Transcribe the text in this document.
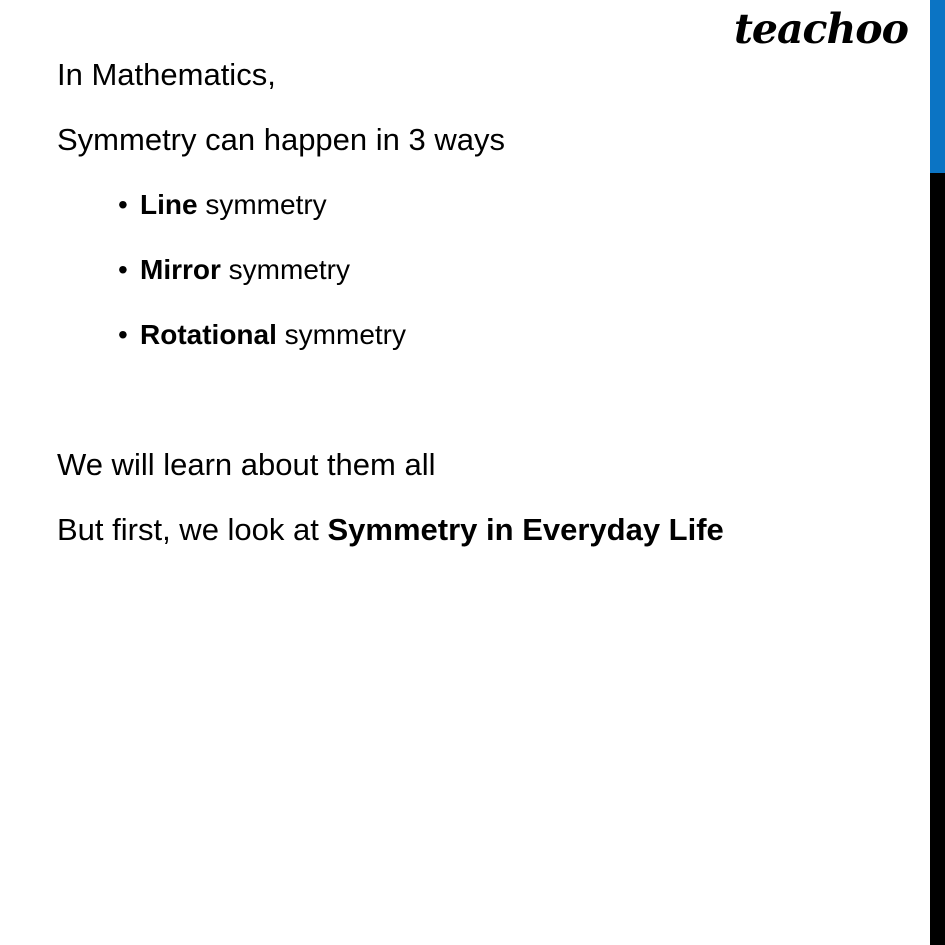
teachoo
In Mathematics,
Symmetry can happen in 3 ways
• Line symmetry
• Mirror symmetry
• Rotational symmetry
We will learn about them all
But first, we look at Symmetry in Everyday Life
